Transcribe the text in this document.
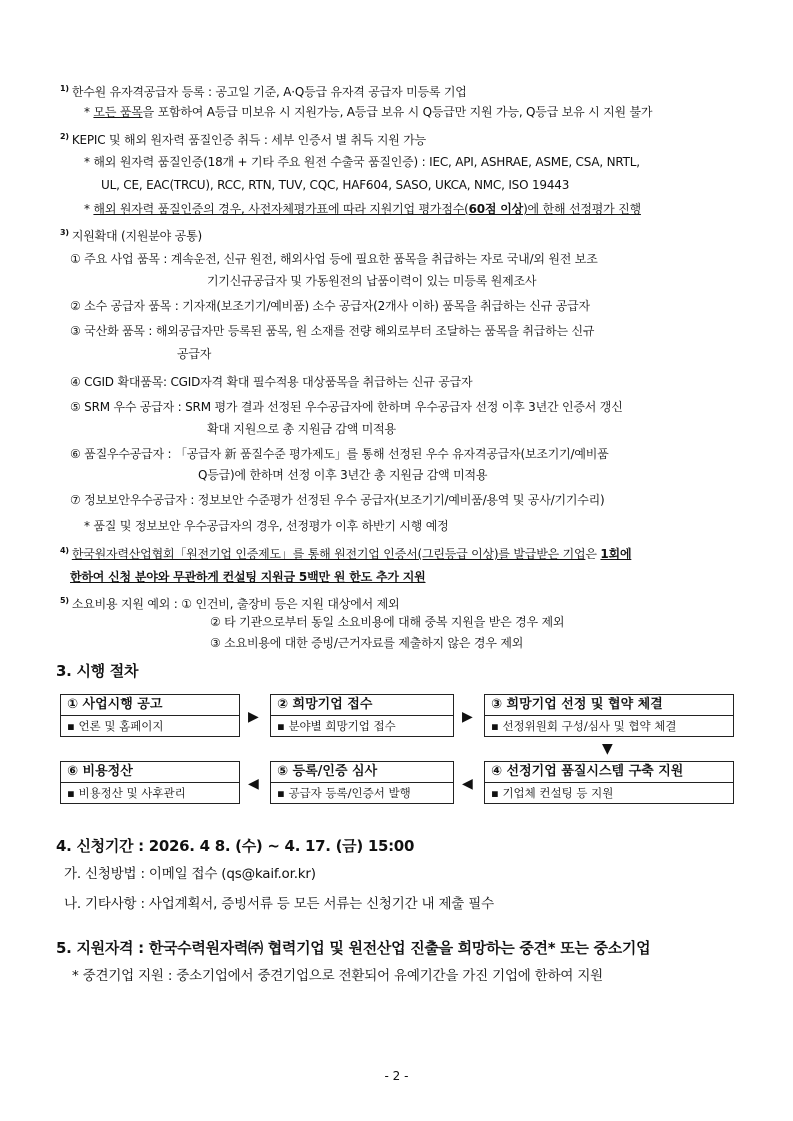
$^{1)}$ 한수원 유자격공급자 등록 : 공고일 기준, A·Q등급 유자격 공급자 미등록 기업
* 모든 품목을 포함하여 A등급 미보유 시 지원가능, A등급 보유 시 Q등급만 지원 가능, Q등급 보유 시 지원 불가
$^{2)}$ KEPIC 및 해외 원자력 품질인증 취득 : 세부 인증서 별 취득 지원 가능
* 해외 원자력 품질인증(18개 + 기타 주요 원전 수출국 품질인증) : IEC, API, ASHRAE, ASME, CSA, NRTL,
UL, CE, EAC(TRCU), RCC, RTN, TUV, CQC, HAF604, SASO, UKCA, NMC, ISO 19443
* 해외 원자력 품질인증의 경우, 사전자체평가표에 따라 지원기업 평가점수(60점 이상)에 한해 선정평가 진행
$^{3)}$ 지원확대 (지원분야 공통)
① 주요 사업 품목 : 계속운전, 신규 원전, 해외사업 등에 필요한 품목을 취급하는 자로 국내/외 원전 보조
기기신규공급자 및 가동원전의 납품이력이 있는 미등록 원제조사
② 소수 공급자 품목 : 기자재(보조기기/예비품) 소수 공급자(2개사 이하) 품목을 취급하는 신규 공급자
③ 국산화 품목 : 해외공급자만 등록된 품목, 원 소재를 전량 해외로부터 조달하는 품목을 취급하는 신규
공급자
④ CGID 확대품목: CGID자격 확대 필수적용 대상품목을 취급하는 신규 공급자
⑤ SRM 우수 공급자 : SRM 평가 결과 선정된 우수공급자에 한하며 우수공급자 선정 이후 3년간 인증서 갱신
확대 지원으로 총 지원금 감액 미적용
⑥ 품질우수공급자 : 「공급자 新 품질수준 평가제도」를 통해 선정된 우수 유자격공급자(보조기기/예비품
Q등급)에 한하며 선정 이후 3년간 총 지원금 감액 미적용
⑦ 정보보안우수공급자 : 정보보안 수준평가 선정된 우수 공급자(보조기기/예비품/용역 및 공사/기기수리)
* 품질 및 정보보안 우수공급자의 경우, 선정평가 이후 하반기 시행 예정
$^{4)}$ 한국원자력산업협회「원전기업 인증제도」를 통해 원전기업 인증서(그린등급 이상)를 발급받은 기업은 1회에
한하여 신청 분야와 무관하게 컨설팅 지원금 5백만 원 한도 추가 지원
$^{5)}$ 소요비용 지원 예외 : ① 인건비, 출장비 등은 지원 대상에서 제외
② 타 기관으로부터 동일 소요비용에 대해 중복 지원을 받은 경우 제외
③ 소요비용에 대한 증빙/근거자료를 제출하지 않은 경우 제외
3. 시행 절차
① 사업시행 공고
▪ 언론 및 홈페이지
▶
② 희망기업 접수
▪ 분야별 희망기업 접수
▶
③ 희망기업 선정 및 협약 체결
▪ 선정위원회 구성/심사 및 협약 체결
▼
⑥ 비용정산
▪ 비용정산 및 사후관리
◀
⑤ 등록/인증 심사
▪ 공급자 등록/인증서 발행
◀
④ 선정기업 품질시스템 구축 지원
▪ 기업체 컨설팅 등 지원
4. 신청기간 : 2026. 4 8. (수) ~ 4. 17. (금) 15:00
가. 신청방법 : 이메일 접수 (qs@kaif.or.kr)
나. 기타사항 : 사업계획서, 증빙서류 등 모든 서류는 신청기간 내 제출 필수
5. 지원자격 : 한국수력원자력㈜ 협력기업 및 원전산업 진출을 희망하는 중견* 또는 중소기업
* 중견기업 지원 : 중소기업에서 중견기업으로 전환되어 유예기간을 가진 기업에 한하여 지원
- 2 -
